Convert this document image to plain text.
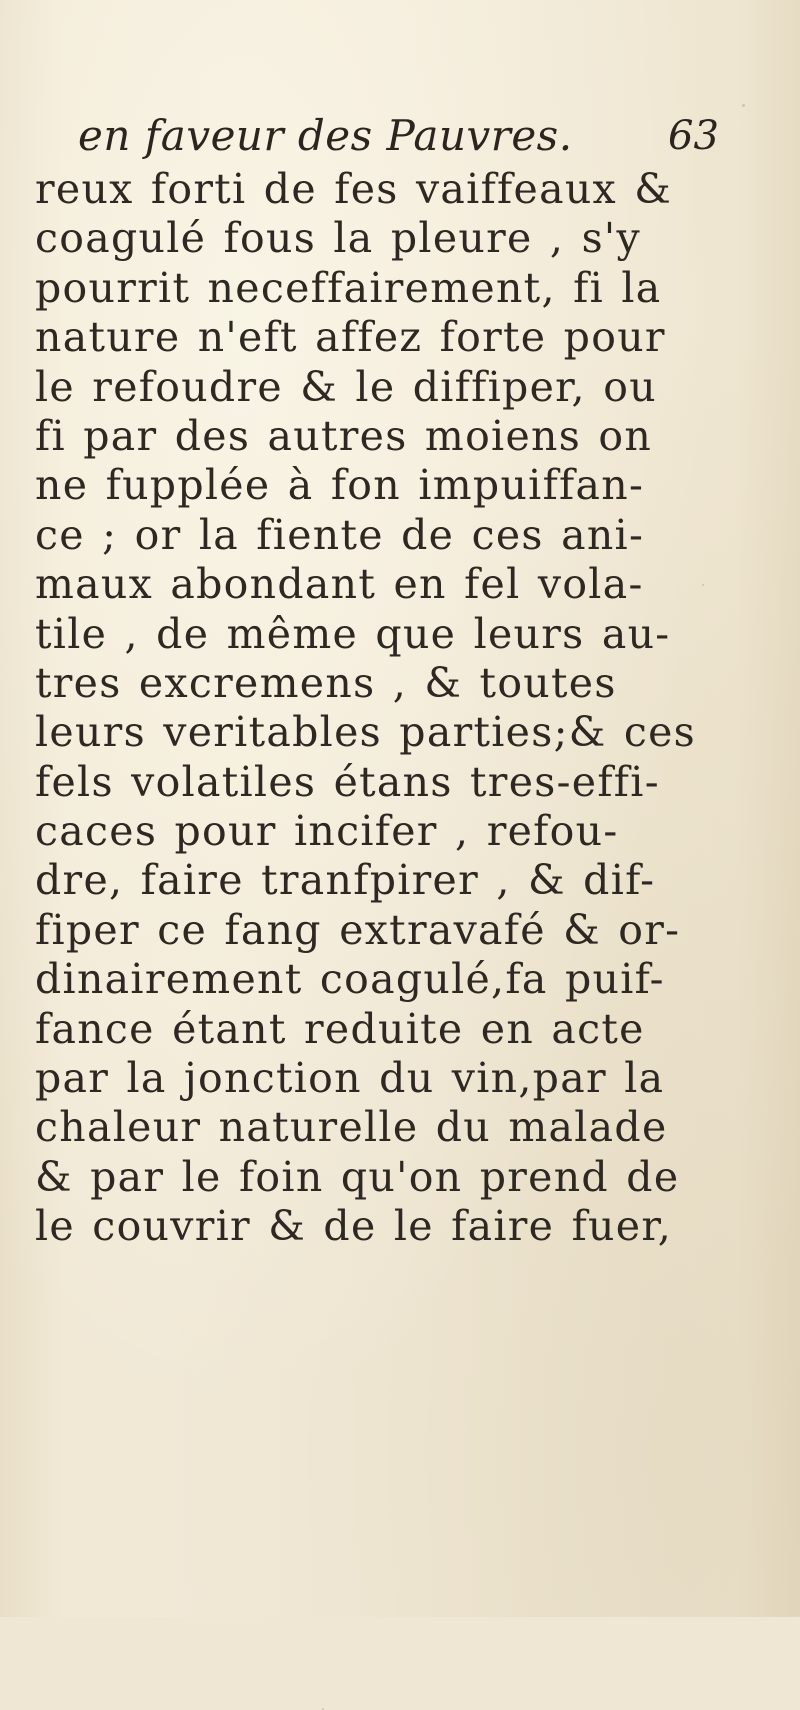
en faveur des Pauvres. 63
reux forti de fes vaiffeaux &
coagulé fous la pleure , s'y
pourrit neceffairement, fi la
nature n'eft affez forte pour
le refoudre & le diffiper, ou
fi par des autres moiens on
ne fupplée à fon impuiffan-
ce ; or la fiente de ces ani-
maux abondant en fel vola-
tile , de même que leurs au-
tres excremens , & toutes
leurs veritables parties;& ces
fels volatiles étans tres-effi-
caces pour incifer , refou-
dre, faire tranfpirer , & dif-
fiper ce fang extravafé & or-
dinairement coagulé,fa puif-
fance étant reduite en acte
par la jonction du vin,par la
chaleur naturelle du malade
& par le foin qu'on prend de
le couvrir & de le faire fuer,
